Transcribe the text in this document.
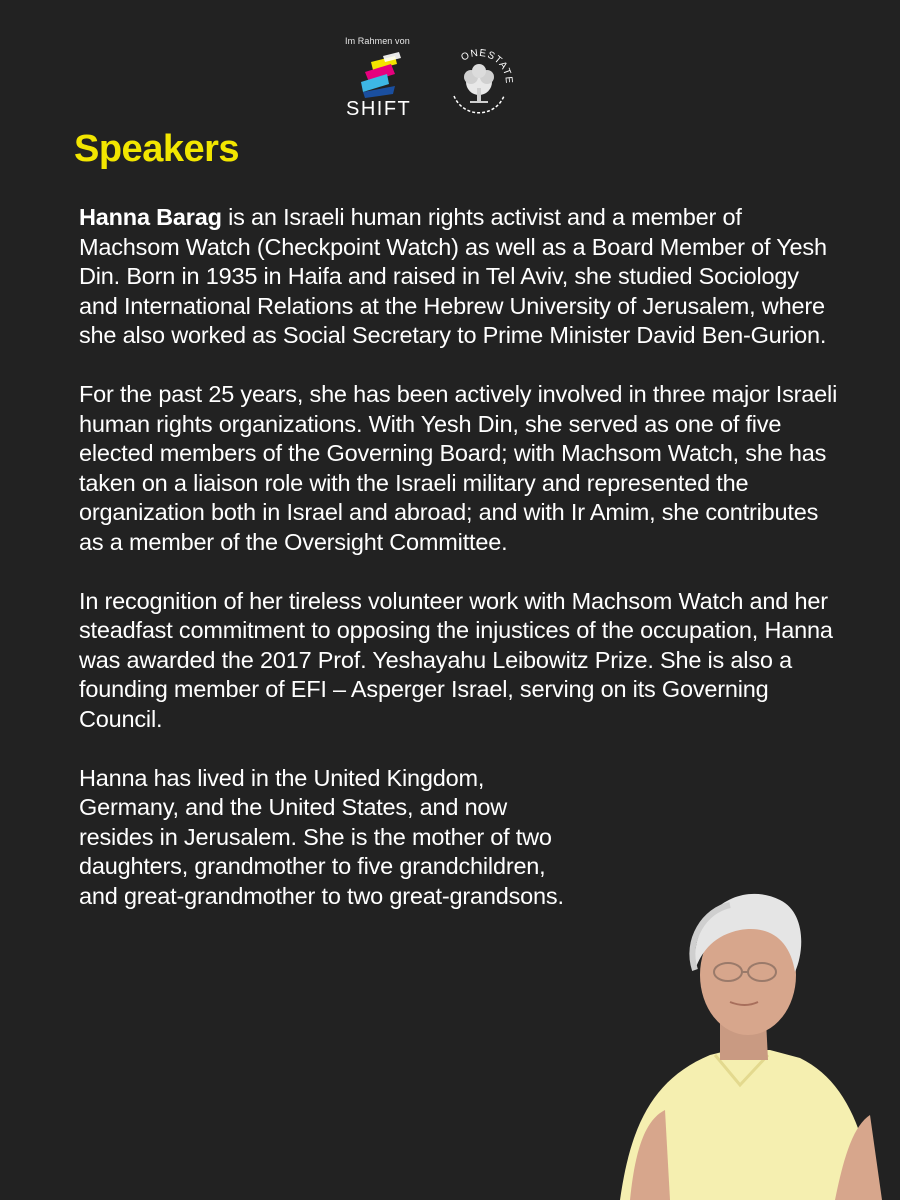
Im Rahmen von
SHIFT
ONESTATE
Speakers

Hanna Barag is an Israeli human rights activist and a member of Machsom Watch (Checkpoint Watch) as well as a Board Member of Yesh Din. Born in 1935 in Haifa and raised in Tel Aviv, she studied Sociology and International Relations at the Hebrew University of Jerusalem, where she also worked as Social Secretary to Prime Minister David Ben-Gurion.

For the past 25 years, she has been actively involved in three major Israeli human rights organizations. With Yesh Din, she served as one of five elected members of the Governing Board; with Machsom Watch, she has taken on a liaison role with the Israeli military and represented the organization both in Israel and abroad; and with Ir Amim, she contributes as a member of the Oversight Committee.

In recognition of her tireless volunteer work with Machsom Watch and her steadfast commitment to opposing the injustices of the occupation, Hanna was awarded the 2017 Prof. Yeshayahu Leibowitz Prize. She is also a founding member of EFI – Asperger Israel, serving on its Governing Council.

Hanna has lived in the United Kingdom, Germany, and the United States, and now resides in Jerusalem. She is the mother of two daughters, grandmother to five grandchildren, and great-grandmother to two great-grandsons.
